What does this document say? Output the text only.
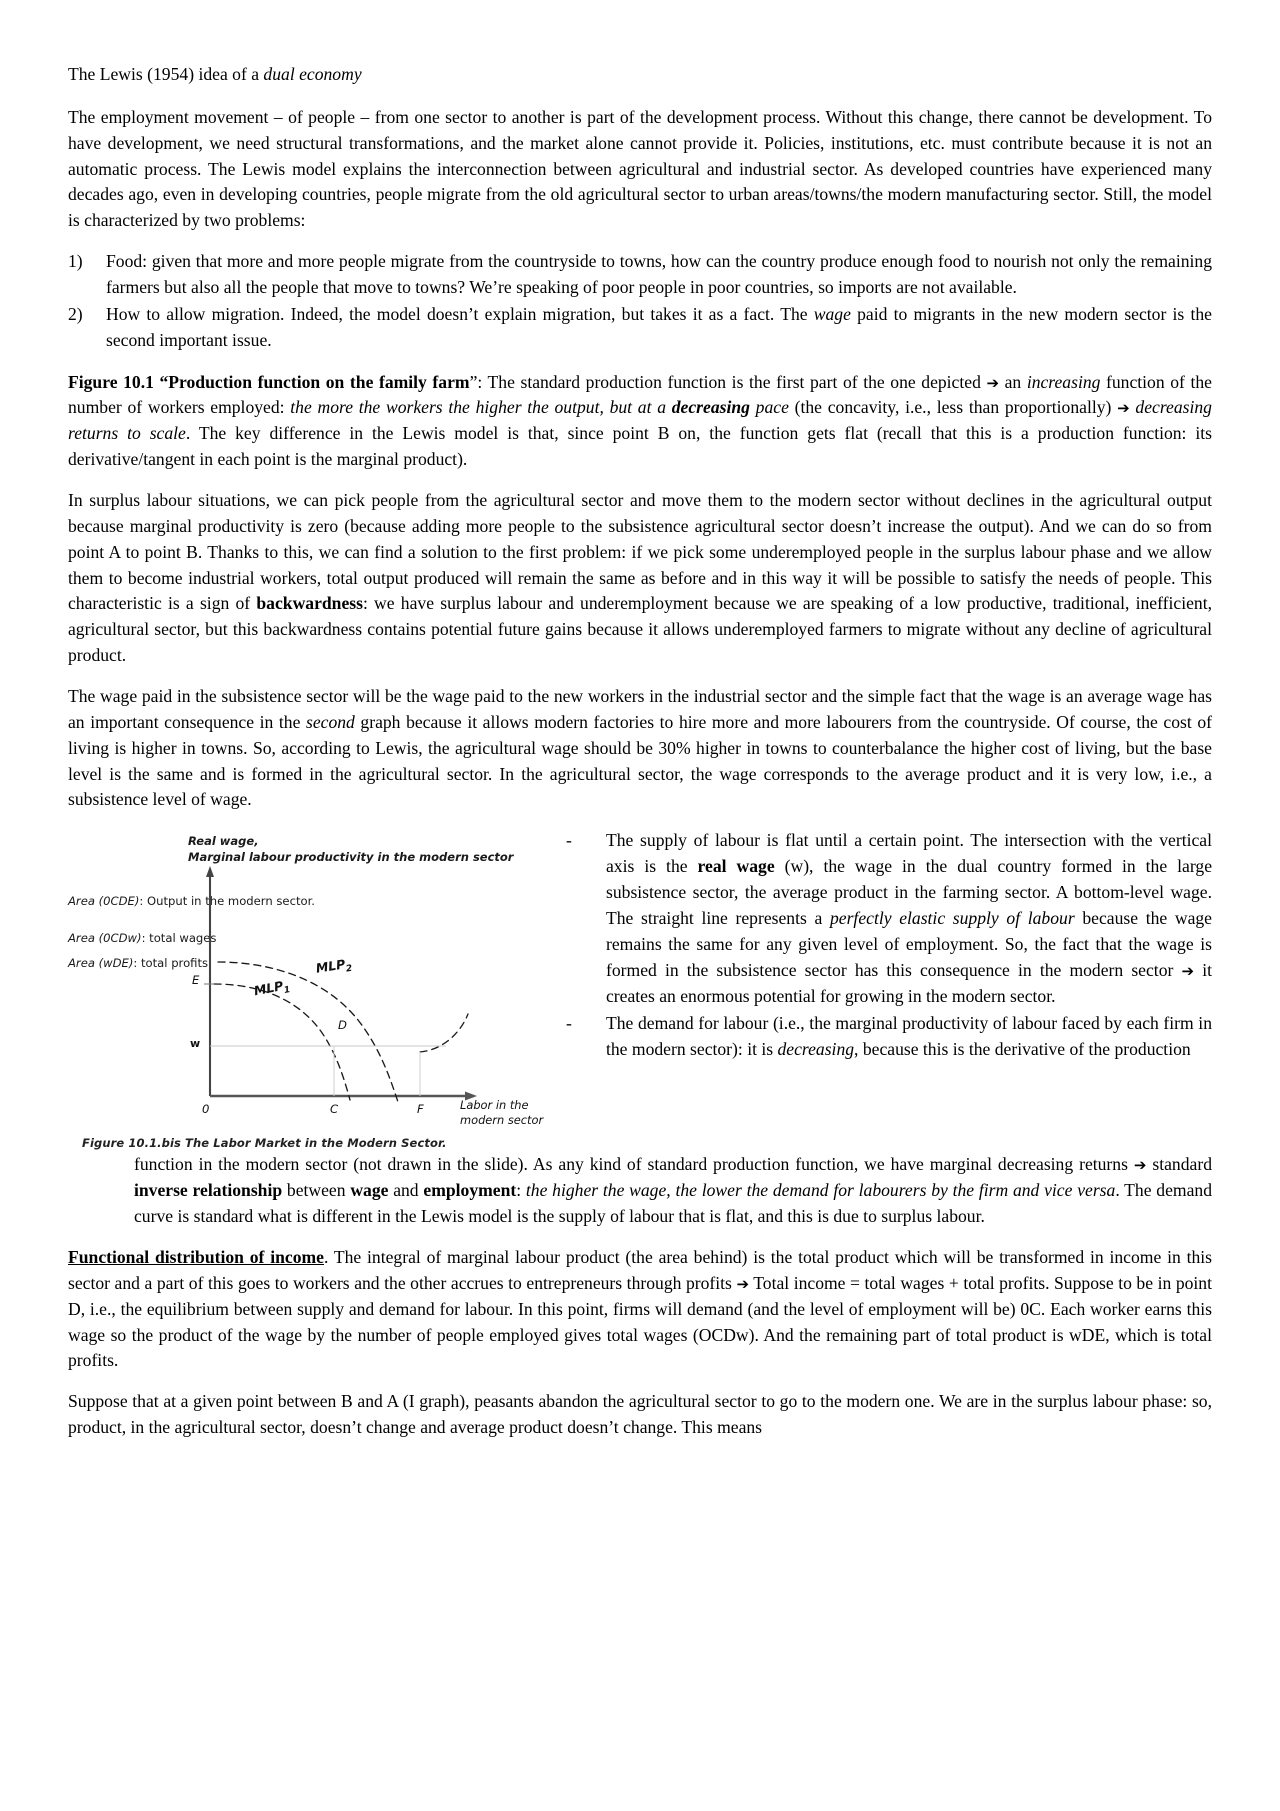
The Lewis (1954) idea of a dual economy

The employment movement – of people – from one sector to another is part of the development process. Without this change, there cannot be development. To have development, we need structural transformations, and the market alone cannot provide it. Policies, institutions, etc. must contribute because it is not an automatic process. The Lewis model explains the interconnection between agricultural and industrial sector. As developed countries have experienced many decades ago, even in developing countries, people migrate from the old agricultural sector to urban areas/towns/the modern manufacturing sector. Still, the model is characterized by two problems:

1)	Food: given that more and more people migrate from the countryside to towns, how can the country produce enough food to nourish not only the remaining farmers but also all the people that move to towns? We’re speaking of poor people in poor countries, so imports are not available.
2)	How to allow migration. Indeed, the model doesn’t explain migration, but takes it as a fact. The wage paid to migrants in the new modern sector is the second important issue.

Figure 10.1 “Production function on the family farm”: The standard production function is the first part of the one depicted ➔ an increasing function of the number of workers employed: the more the workers the higher the output, but at a decreasing pace (the concavity, i.e., less than proportionally) ➔ decreasing returns to scale. The key difference in the Lewis model is that, since point B on, the function gets flat (recall that this is a production function: its derivative/tangent in each point is the marginal product).

In surplus labour situations, we can pick people from the agricultural sector and move them to the modern sector without declines in the agricultural output because marginal productivity is zero (because adding more people to the subsistence agricultural sector doesn’t increase the output). And we can do so from point A to point B. Thanks to this, we can find a solution to the first problem: if we pick some underemployed people in the surplus labour phase and we allow them to become industrial workers, total output produced will remain the same as before and in this way it will be possible to satisfy the needs of people. This characteristic is a sign of backwardness: we have surplus labour and underemployment because we are speaking of a low productive, traditional, inefficient, agricultural sector, but this backwardness contains potential future gains because it allows underemployed farmers to migrate without any decline of agricultural product.

The wage paid in the subsistence sector will be the wage paid to the new workers in the industrial sector and the simple fact that the wage is an average wage has an important consequence in the second graph because it allows modern factories to hire more and more labourers from the countryside. Of course, the cost of living is higher in towns. So, according to Lewis, the agricultural wage should be 30% higher in towns to counterbalance the higher cost of living, but the base level is the same and is formed in the agricultural sector. In the agricultural sector, the wage corresponds to the average product and it is very low, i.e., a subsistence level of wage.

Real wage,
Marginal labour productivity in the modern sector
Area (0CDE): Output in the modern sector.
Area (0CDw): total wages
Area (wDE): total profits.	$MLP_2$
$MLP_1$
E
w
D
0	C	F	Labor in the
modern sector
Figure 10.1.bis The Labor Market in the Modern Sector.
-	The supply of labour is flat until a certain point. The intersection with the vertical axis is the real wage (w), the wage in the dual country formed in the large subsistence sector, the average product in the farming sector. A bottom-level wage. The straight line represents a perfectly elastic supply of labour because the wage remains the same for any given level of employment. So, the fact that the wage is formed in the subsistence sector has this consequence in the modern sector ➔ it creates an enormous potential for growing in the modern sector.
-	The demand for labour (i.e., the marginal productivity of labour faced by each firm in the modern sector): it is decreasing, because this is the derivative of the production

function in the modern sector (not drawn in the slide). As any kind of standard production function, we have marginal decreasing returns ➔ standard inverse relationship between wage and employment: the higher the wage, the lower the demand for labourers by the firm and vice versa. The demand curve is standard what is different in the Lewis model is the supply of labour that is flat, and this is due to surplus labour.

Functional distribution of income. The integral of marginal labour product (the area behind) is the total product which will be transformed in income in this sector and a part of this goes to workers and the other accrues to entrepreneurs through profits ➔ Total income = total wages + total profits. Suppose to be in point D, i.e., the equilibrium between supply and demand for labour. In this point, firms will demand (and the level of employment will be) 0C. Each worker earns this wage so the product of the wage by the number of people employed gives total wages (OCDw). And the remaining part of total product is wDE, which is total profits.

Suppose that at a given point between B and A (I graph), peasants abandon the agricultural sector to go to the modern one. We are in the surplus labour phase: so, product, in the agricultural sector, doesn’t change and average product doesn’t change. This means
